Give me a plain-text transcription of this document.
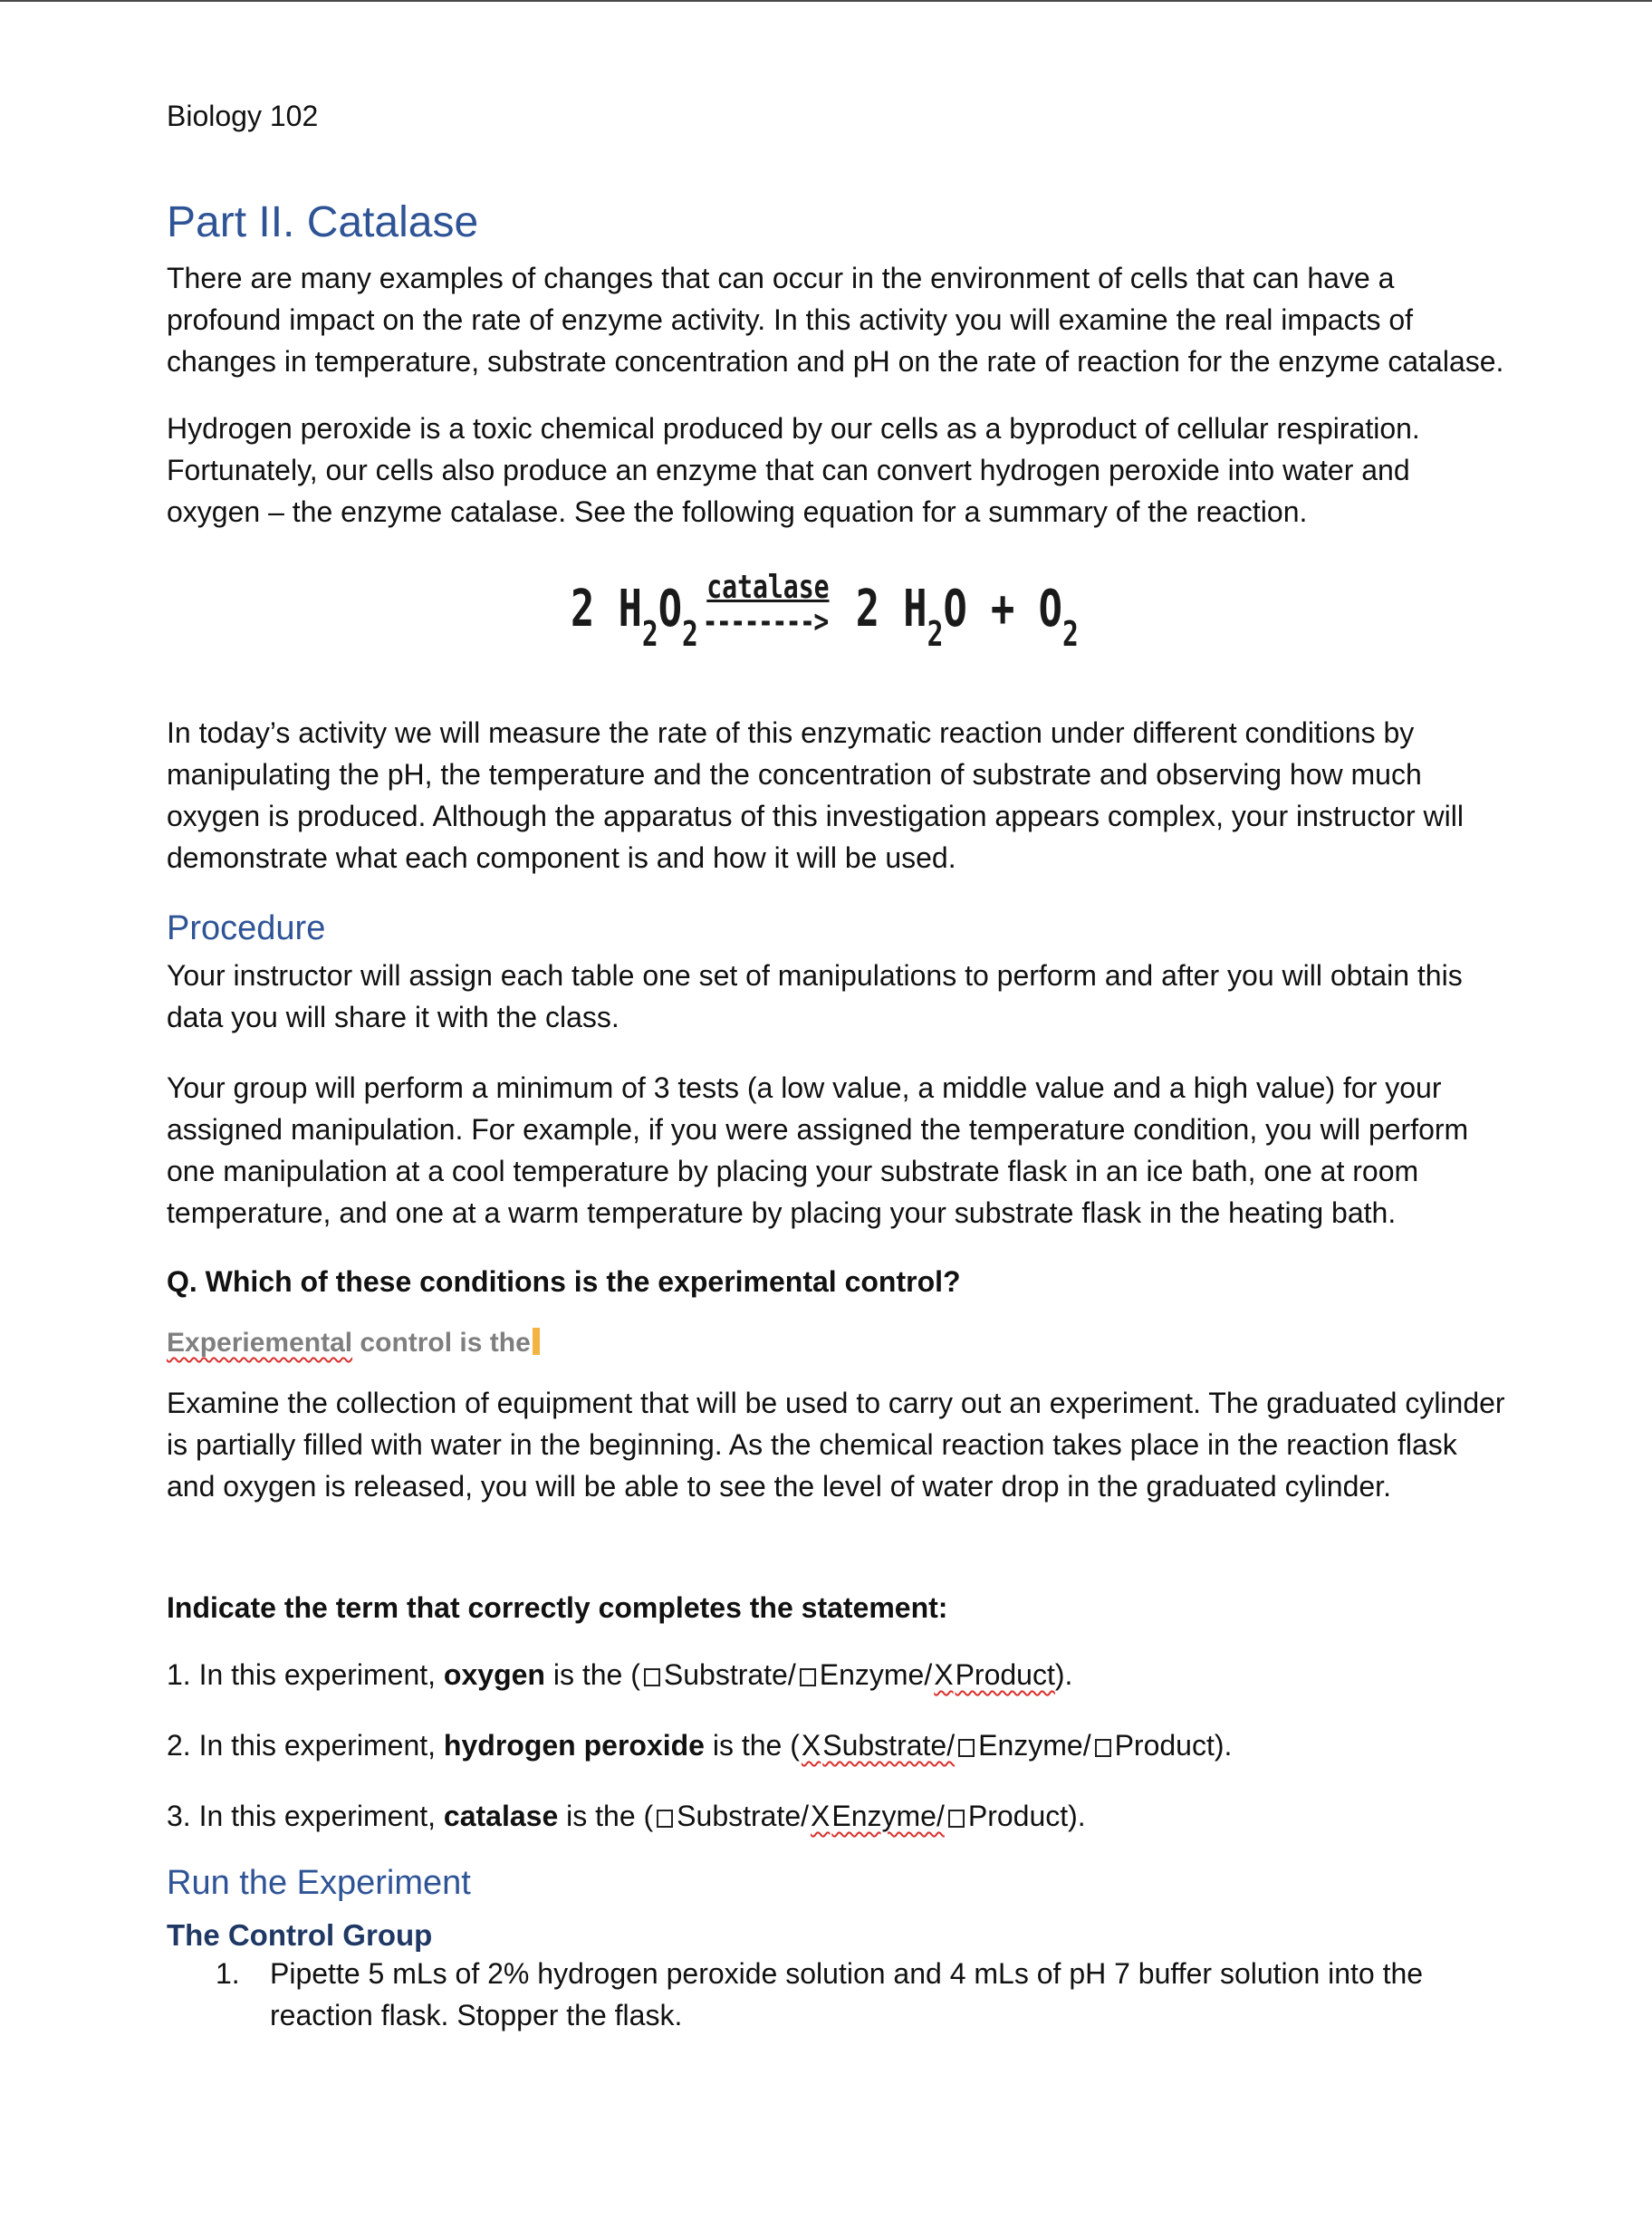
Biology 102
Part II. Catalase
There are many examples of changes that can occur in the environment of cells that can have a profound impact on the rate of enzyme activity. In this activity you will examine the real impacts of changes in temperature, substrate concentration and pH on the rate of reaction for the enzyme catalase.
Hydrogen peroxide is a toxic chemical produced by our cells as a byproduct of cellular respiration. Fortunately, our cells also produce an enzyme that can convert hydrogen peroxide into water and oxygen – the enzyme catalase. See the following equation for a summary of the reaction.
2 $H_2O_2$
catalase
--------> 2 $H_2O + O_2$
In today’s activity we will measure the rate of this enzymatic reaction under different conditions by manipulating the pH, the temperature and the concentration of substrate and observing how much oxygen is produced. Although the apparatus of this investigation appears complex, your instructor will demonstrate what each component is and how it will be used.
Procedure
Your instructor will assign each table one set of manipulations to perform and after you will obtain this data you will share it with the class.
Your group will perform a minimum of 3 tests (a low value, a middle value and a high value) for your assigned manipulation. For example, if you were assigned the temperature condition, you will perform one manipulation at a cool temperature by placing your substrate flask in an ice bath, one at room temperature, and one at a warm temperature by placing your substrate flask in the heating bath.
Q. Which of these conditions is the experimental control?
Experiemental control is the
Examine the collection of equipment that will be used to carry out an experiment. The graduated cylinder is partially filled with water in the beginning. As the chemical reaction takes place in the reaction flask and oxygen is released, you will be able to see the level of water drop in the graduated cylinder.
Indicate the term that correctly completes the statement:
1. In this experiment, oxygen is the ( Substrate/ Enzyme/XProduct).
2. In this experiment, hydrogen peroxide is the (XSubstrate/ Enzyme/ Product).
3. In this experiment, catalase is the ( Substrate/XEnzyme/ Product).
Run the Experiment
The Control Group
1. Pipette 5 mLs of 2% hydrogen peroxide solution and 4 mLs of pH 7 buffer solution into the reaction flask. Stopper the flask.
